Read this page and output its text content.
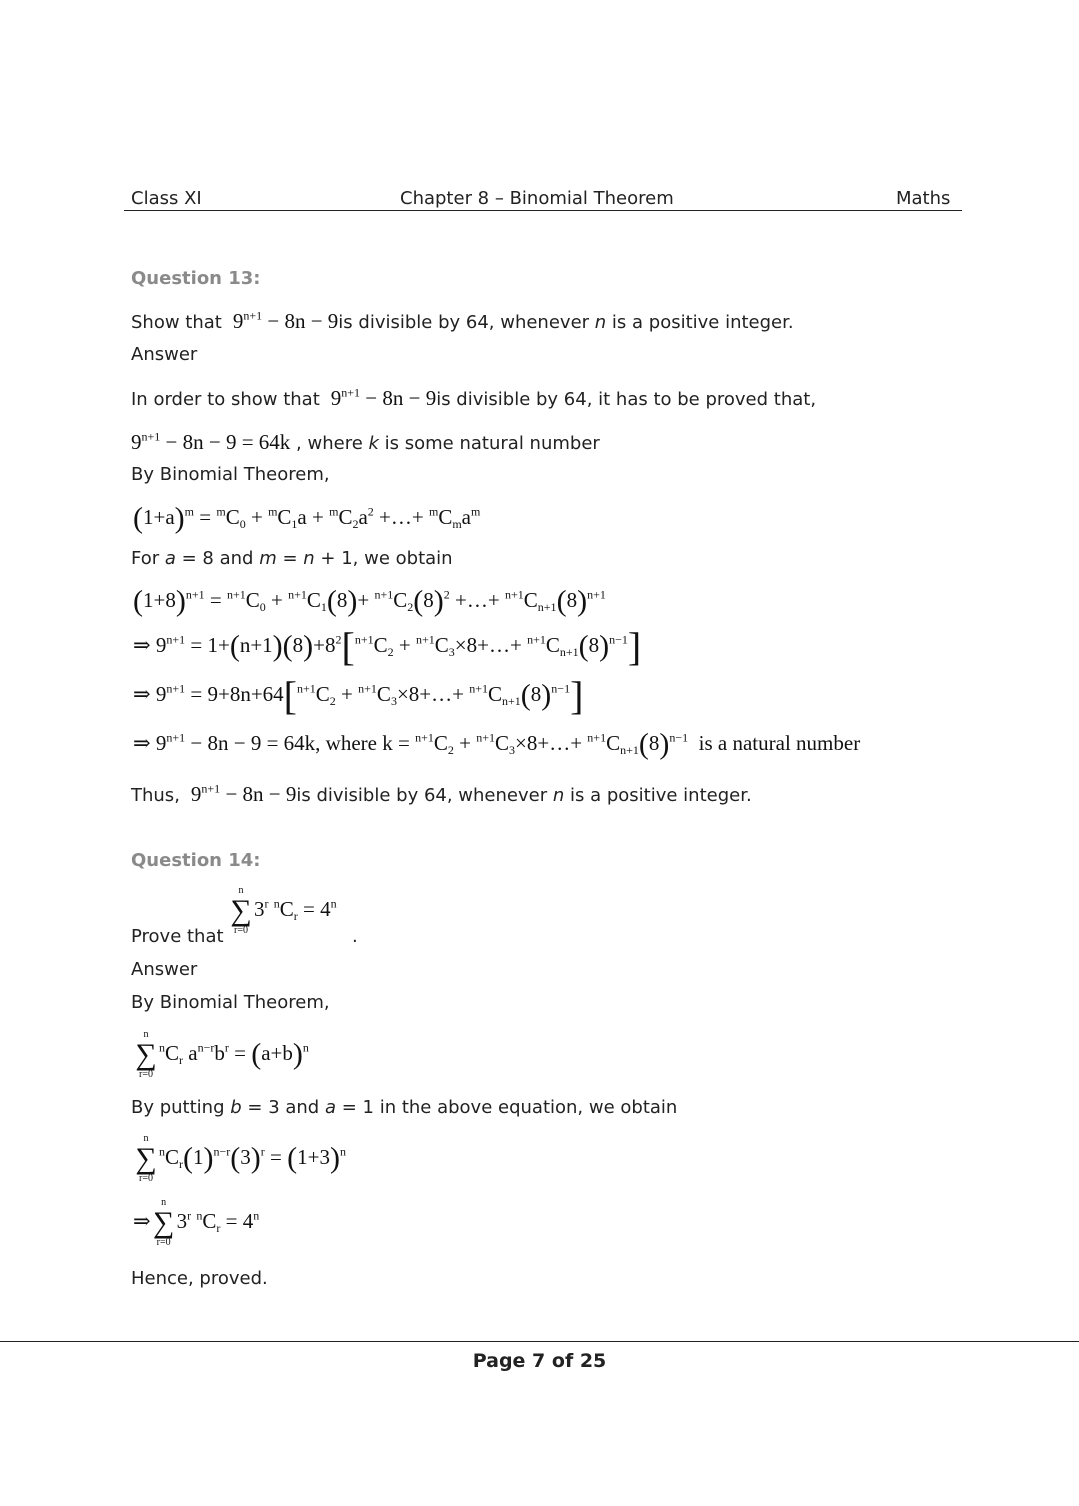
Class XI	Chapter 8 – Binomial Theorem	Maths
Question 13:
Show that  $9^{n+1} - 8n - 9is$ divisible by 64, whenever n is a positive integer.
Answer
In order to show that  $9^{n+1} - 8n - 9is$ divisible by 64, it has to be proved that,
$9^{n+1} - 8n - 9 = 64k$ , where k is some natural number
By Binomial Theorem,
$(1+a)^m = ^mC_0 + ^mC_1a + ^mC_2a^2$ +…+ $^mC_ma^m$
For a = 8 and m = n + 1, we obtain
$(1+8)^{n+1} = ^{n+1}C_0 + ^{n+1}C_1(8)+ ^{n+1}C_2(8)^2$ +…+ $^{n+1}C_{n+1}(8)^{n+1}$
⇒ $9^{n+1} = 1+(n+1)(8)+8^2[^{n+1}C_2$ + $^{n+1}C_3\times 8+\dots+ ^{n+1}C_{n+1}(8)^{n-1}$]
⇒ $9^{n+1} = 9+8n+64[^{n+1}C_2$ + $^{n+1}C_3\times 8+\dots+ ^{n+1}C_{n+1}(8)^{n-1}$]
⇒ $9^{n+1} - 8n - 9 = 64k$, where $k = ^{n+1}C_2$ + $^{n+1}C_3\times 8+\dots+ ^{n+1}C_{n+1}(8)^{n-1}$ is a natural number
Thus,  $9^{n+1} - 8n - 9is$ divisible by 64, whenever n is a positive integer.
Question 14:
n
∑
r=0
3$^r$ $^nC_r = 4^n$
Prove that	.
Answer
By Binomial Theorem,
n
∑
r=0
$^nC_r$ $a^{n-r}b^r = (a+b)^n$
By putting b = 3 and a = 1 in the above equation, we obtain
n
∑
r=0
$^nC_r(1)^{n-r}(3)^r = (1+3)^n$
⇒
n
∑
r=0
3$^r$ $^nC_r = 4^n$
Hence, proved.
Page 7 of 25
